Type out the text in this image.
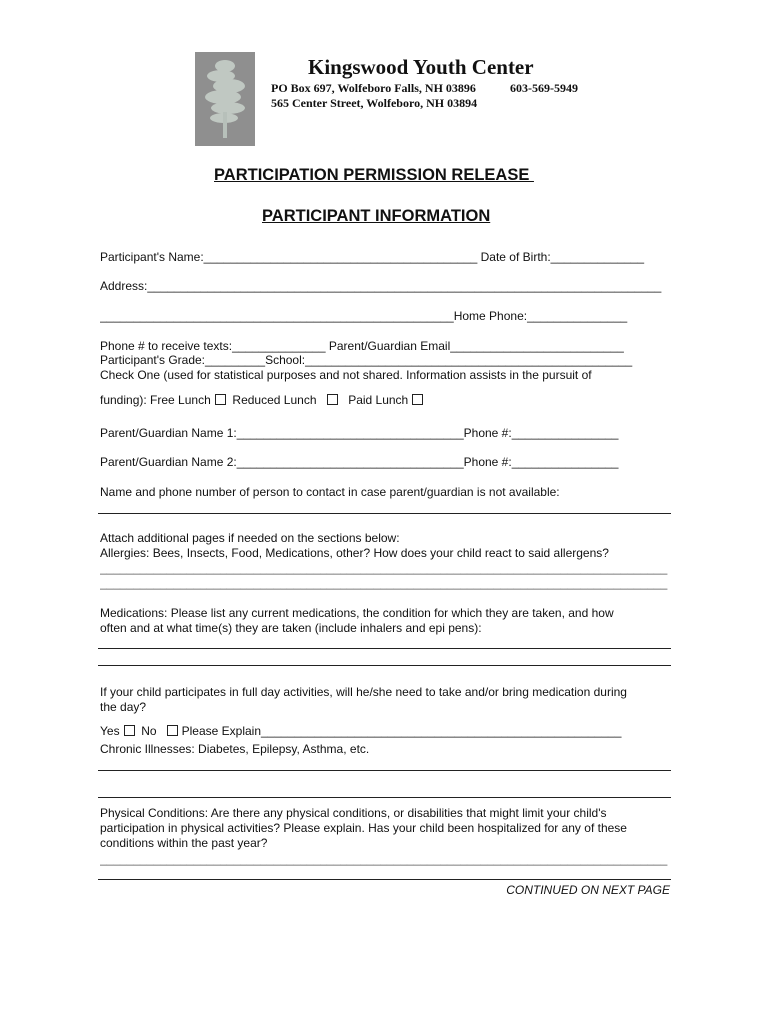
Kingswood Youth Center
PO Box 697, Wolfeboro Falls, NH 03896	603-569-5949
565 Center Street, Wolfeboro, NH 03894
PARTICIPATION PERMISSION RELEASE
PARTICIPANT INFORMATION
Participant's Name:_________________________________________ Date of Birth:______________
Address:_____________________________________________________________________________
_____________________________________________________Home Phone:_______________
Phone # to receive texts:______________ Parent/Guardian Email__________________________
Participant's Grade:_________School:_________________________________________________
Check One (used for statistical purposes and not shared. Information assists in the pursuit of
funding): Free Lunch Reduced Lunch	Paid Lunch
Parent/Guardian Name 1:__________________________________Phone #:________________
Parent/Guardian Name 2:__________________________________Phone #:________________
Name and phone number of person to contact in case parent/guardian is not available:
Attach additional pages if needed on the sections below:
Allergies: Bees, Insects, Food, Medications, other? How does your child react to said allergens?
_____________________________________________________________________________________
_____________________________________________________________________________________
Medications: Please list any current medications, the condition for which they are taken, and how
often and at what time(s) they are taken (include inhalers and epi pens):
If your child participates in full day activities, will he/she need to take and/or bring medication during
the day?
Yes No Please Explain______________________________________________________
Chronic Illnesses: Diabetes, Epilepsy, Asthma, etc.
Physical Conditions: Are there any physical conditions, or disabilities that might limit your child's
participation in physical activities? Please explain. Has your child been hospitalized for any of these
conditions within the past year?
_____________________________________________________________________________________
CONTINUED ON NEXT PAGE
